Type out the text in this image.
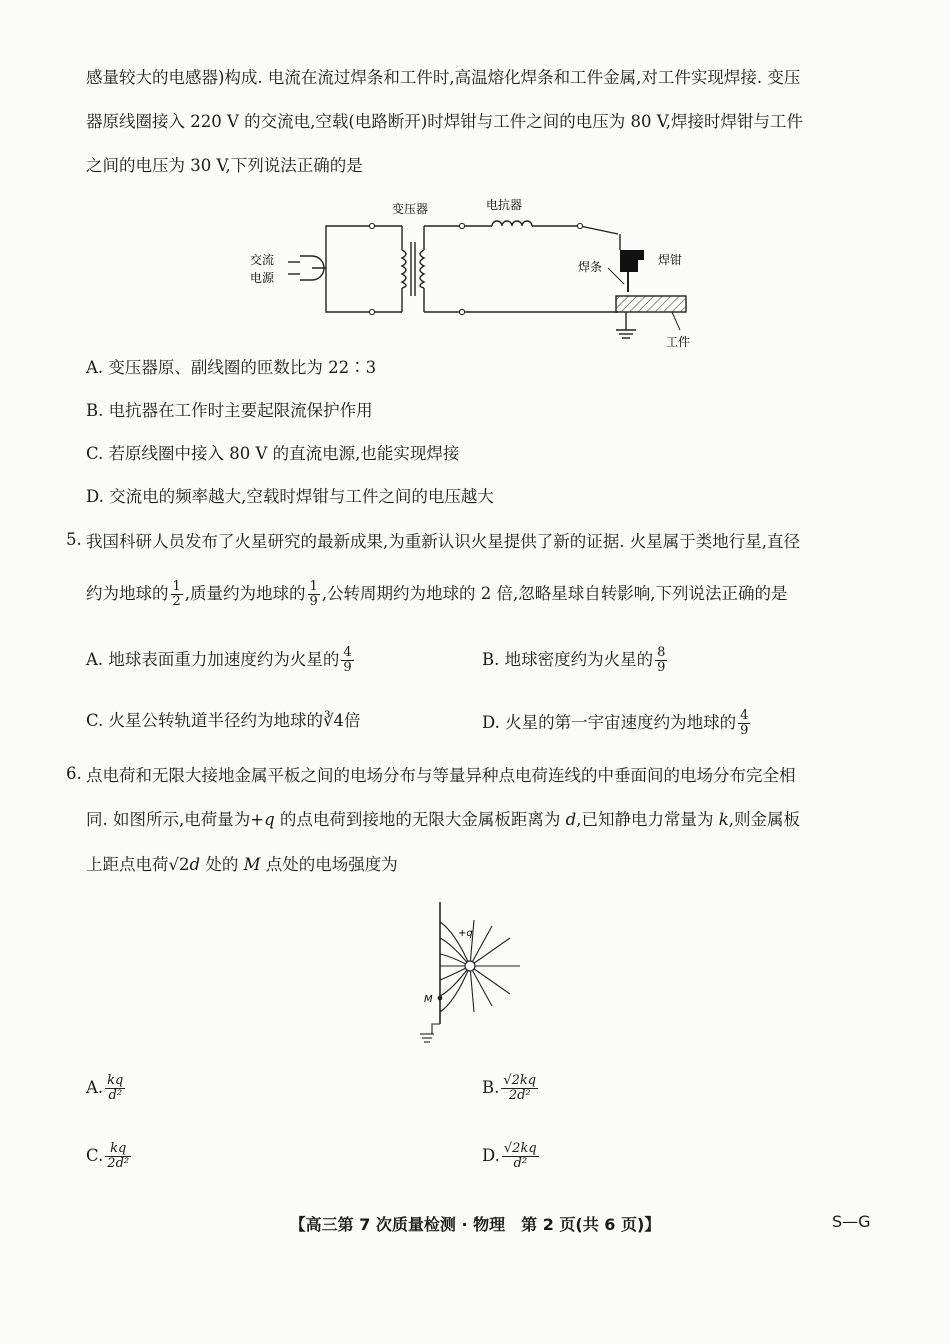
感量较大的电感器)构成. 电流在流过焊条和工件时,高温熔化焊条和工件金属,对工件实现焊接. 变压
器原线圈接入 220 V 的交流电,空载(电路断开)时焊钳与工件之间的电压为 80 V,焊接时焊钳与工件
之间的电压为 30 V,下列说法正确的是
变压器	电抗器
交流
电源
焊条	焊钳
工件
A. 变压器原、副线圈的匝数比为 22∶3
B. 电抗器在工作时主要起限流保护作用
C. 若原线圈中接入 80 V 的直流电源,也能实现焊接
D. 交流电的频率越大,空载时焊钳与工件之间的电压越大
5. 我国科研人员发布了火星研究的最新成果,为重新认识火星提供了新的证据. 火星属于类地行星,直径
约为地球的 $\frac{1}{2}$ ,质量约为地球的 $\frac{1}{9}$ ,公转周期约为地球的 2 倍,忽略星球自转影响,下列说法正确的是
A. 地球表面重力加速度约为火星的 $\frac{4}{9}$	B. 地球密度约为火星的 $\frac{8}{9}$
C. 火星公转轨道半径约为地球的∛4倍	D. 火星的第一宇宙速度约为地球的 $\frac{4}{9}$
6. 点电荷和无限大接地金属平板之间的电场分布与等量异种点电荷连线的中垂面间的电场分布完全相
同. 如图所示,电荷量为+q 的点电荷到接地的无限大金属板距离为 d,已知静电力常量为 k,则金属板
上距点电荷√2d 处的 M 点处的电场强度为
+q
M
A. $\frac{kq}{\text{d²}}$	B. $\frac{√2kq}{\text{2d²}}$
C. $\frac{kq}{\text{2d²}}$	D. $\frac{√2kq}{\text{d²}}$
【高三第 7 次质量检测 · 物理　第 2 页(共 6 页)】	S—G
